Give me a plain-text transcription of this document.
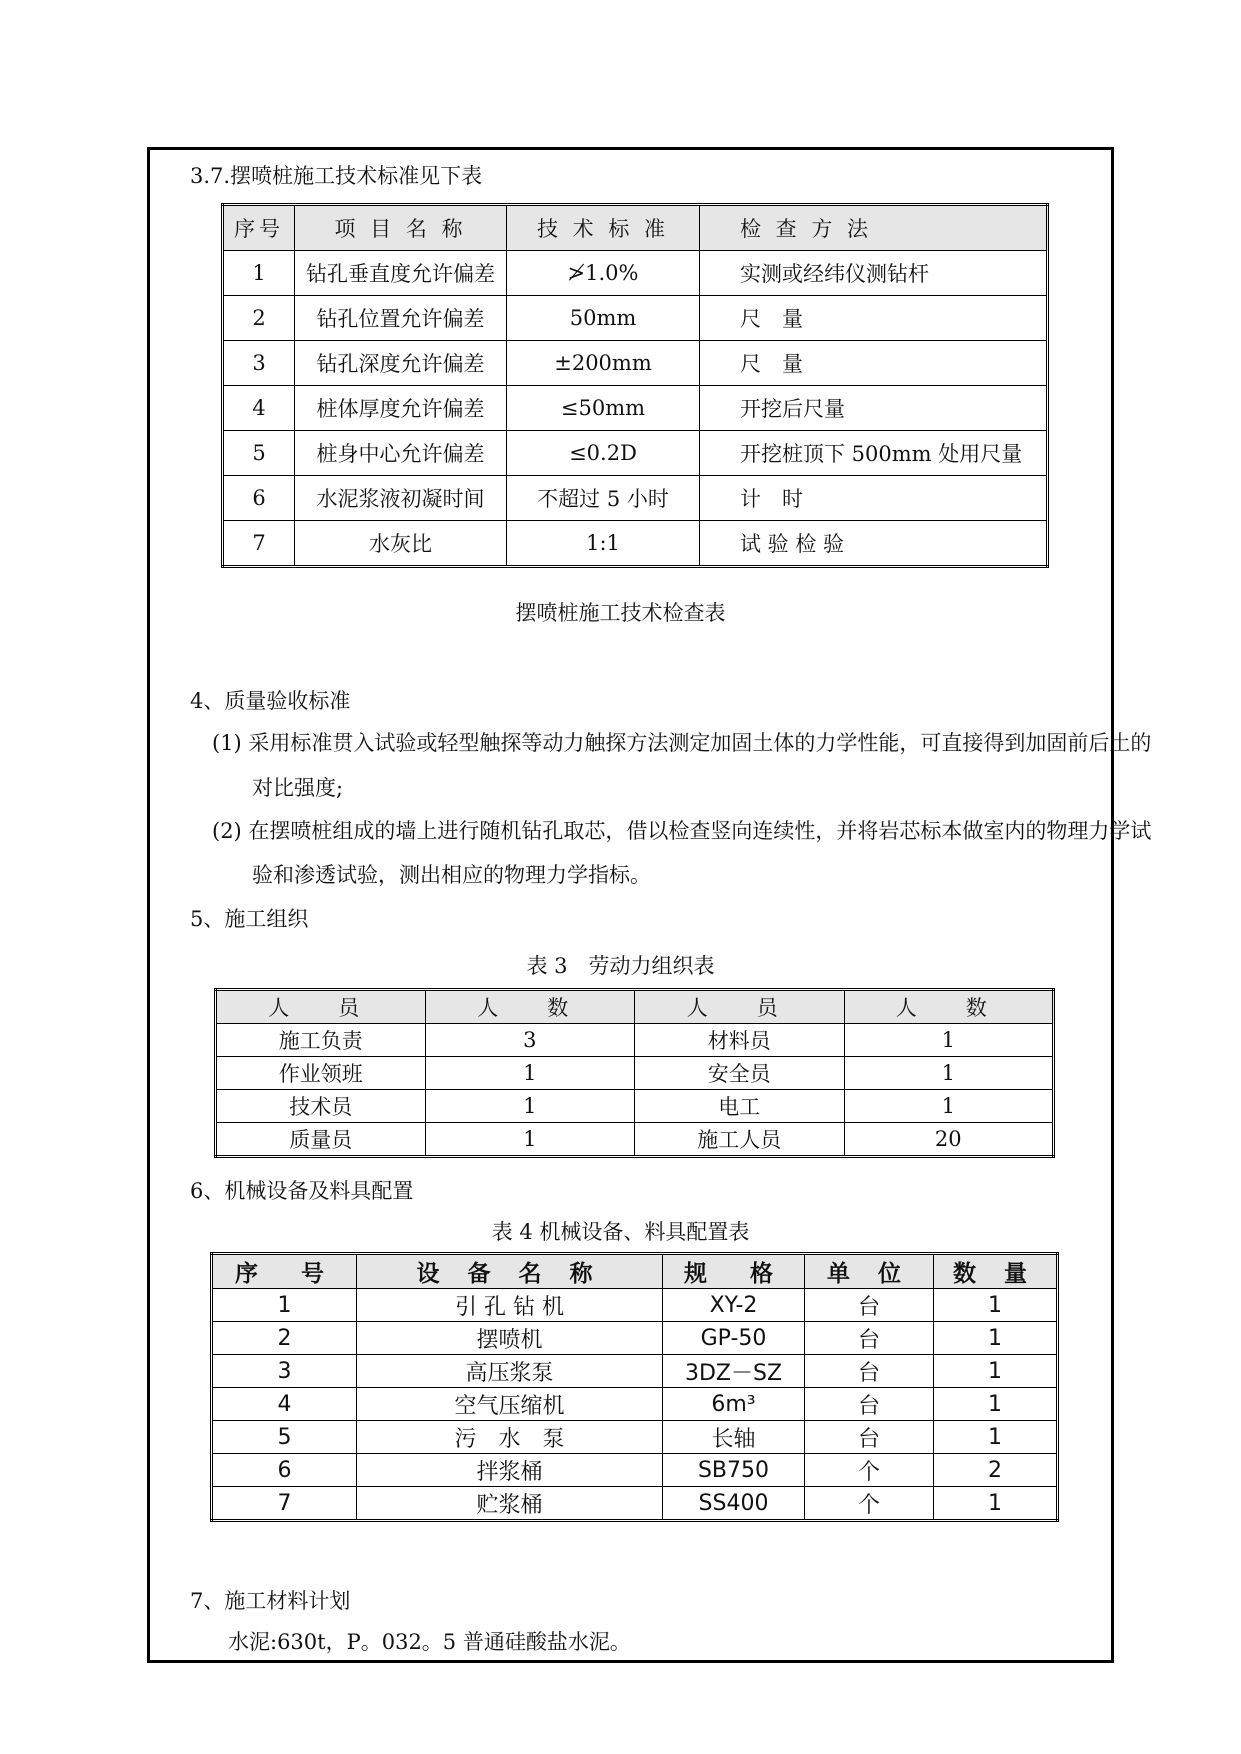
3.7.摆喷桩施工技术标准见下表
序号	项 目 名 称	技 术 标 准	检 查 方 法
1	钻孔垂直度允许偏差	≯1.0%	实测或经纬仪测钻杆
2	钻孔位置允许偏差	50mm	尺　量
3	钻孔深度允许偏差	±200mm	尺　量
4	桩体厚度允许偏差	≤50mm	开挖后尺量
5	桩身中心允许偏差	≤0.2D	开挖桩顶下 500mm 处用尺量
6	水泥浆液初凝时间	不超过 5 小时	计　时
7	水灰比	1:1	试 验 检 验
摆喷桩施工技术检查表
4、质量验收标准
(1) 采用标准贯入试验或轻型触探等动力触探方法测定加固土体的力学性能，可直接得到加固前后土的
对比强度;
(2) 在摆喷桩组成的墙上进行随机钻孔取芯，借以检查竖向连续性，并将岩芯标本做室内的物理力学试
验和渗透试验，测出相应的物理力学指标。
5、施工组织
表 3　劳动力组织表
人　员	人　数	人　员	人　数
施工负责	3	材料员	1
作业领班	1	安全员	1
技术员	1	电工	1
质量员	1	施工人员	20
6、机械设备及料具配置
表 4 机械设备、料具配置表
序　号	设 备 名 称	规　格	单 位	数 量
1	引 孔 钻 机	XY-2	台	1
2	摆喷机	GP-50	台	1
3	高压浆泵	3DZ－SZ	台	1
4	空气压缩机	6m³	台	1
5	污　水　泵	长轴	台	1
6	拌浆桶	SB750	个	2
7	贮浆桶	SS400	个	1
7、施工材料计划
水泥:630t，P。032。5 普通硅酸盐水泥。
